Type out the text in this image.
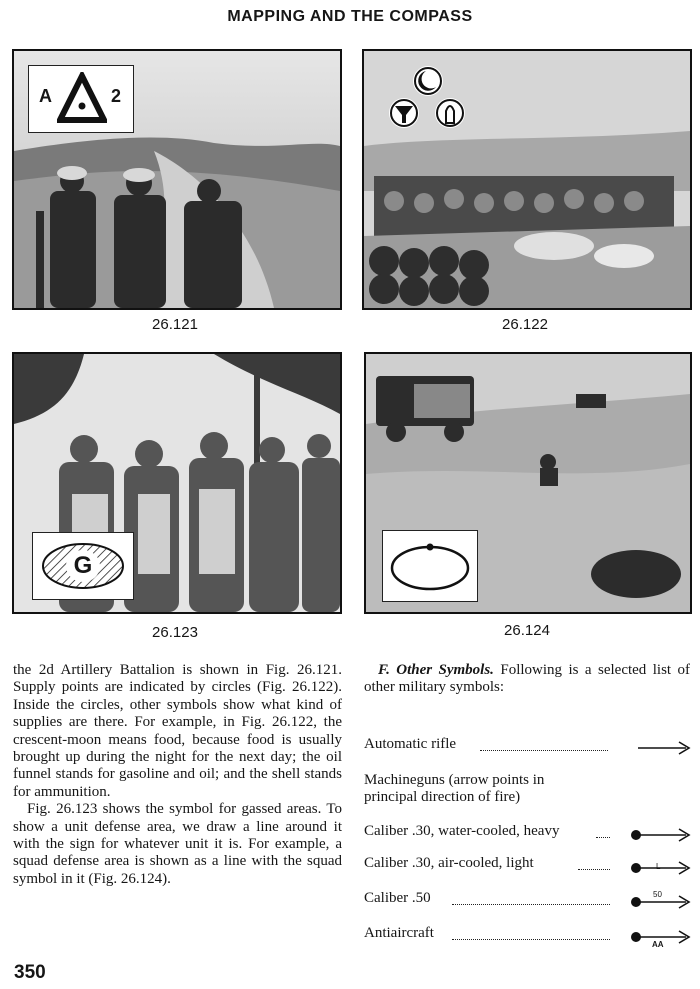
MAPPING AND THE COMPASS
A	2
26.121	26.122
G
26.123	26.124

the 2d Artillery Battalion is shown in Fig. 26.121. Supply points are indicated by circles (Fig. 26.122). Inside the circles, other symbols show what kind of supplies are there. For example, in Fig. 26.122, the crescent-moon means food, because food is usually brought up during the night for the next day; the oil funnel stands for gasoline and oil; and the shell stands for ammunition.

Fig. 26.123 shows the symbol for gassed areas. To show a unit defense area, we draw a line around it with the sign for whatever unit it is. For example, a squad defense area is shown as a line with the squad symbol in it (Fig. 26.124).

F. Other Symbols. Following is a selected list of other military symbols:

Automatic rifle
Machineguns (arrow points in
principal direction of fire)
Caliber .30, water-cooled, heavy
Caliber .30, air-cooled, light	L
Caliber .50	50
Antiaircraft
AA
350
